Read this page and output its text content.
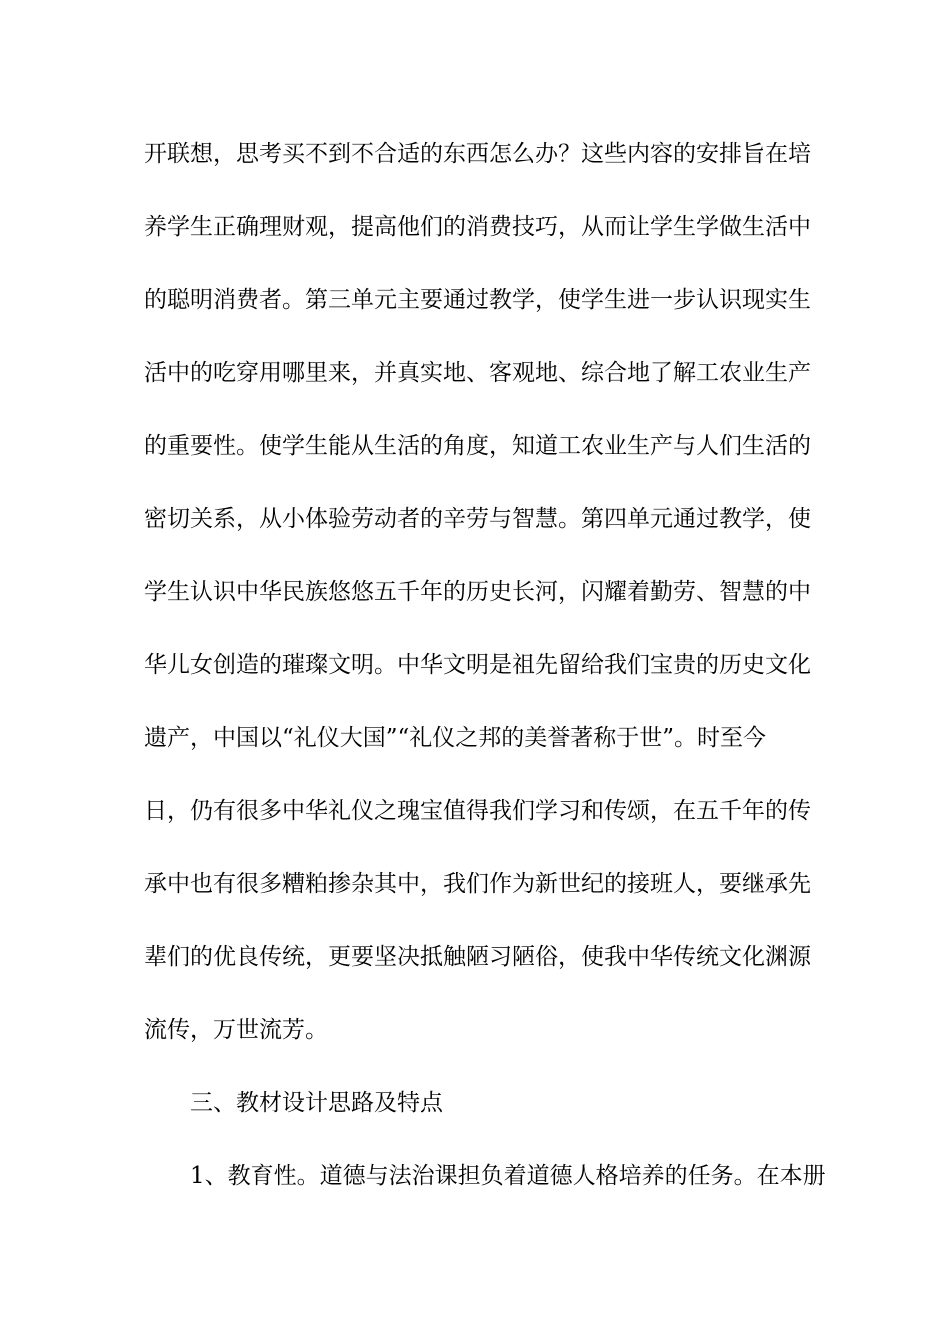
开联想，思考买不到不合适的东西怎么办？这些内容的安排旨在培
养学生正确理财观，提高他们的消费技巧，从而让学生学做生活中
的聪明消费者。第三单元主要通过教学，使学生进一步认识现实生
活中的吃穿用哪里来，并真实地、客观地、综合地了解工农业生产
的重要性。使学生能从生活的角度，知道工农业生产与人们生活的
密切关系，从小体验劳动者的辛劳与智慧。第四单元通过教学，使
学生认识中华民族悠悠五千年的历史长河，闪耀着勤劳、智慧的中
华儿女创造的璀璨文明。中华文明是祖先留给我们宝贵的历史文化
遗产，中国以“礼仪大国”“礼仪之邦的美誉著称于世”。时至今
日，仍有很多中华礼仪之瑰宝值得我们学习和传颂，在五千年的传
承中也有很多糟粕掺杂其中，我们作为新世纪的接班人，要继承先
辈们的优良传统，更要坚决抵触陋习陋俗，使我中华传统文化渊源
流传，万世流芳。
三、教材设计思路及特点
1、教育性。道德与法治课担负着道德人格培养的任务。在本册
